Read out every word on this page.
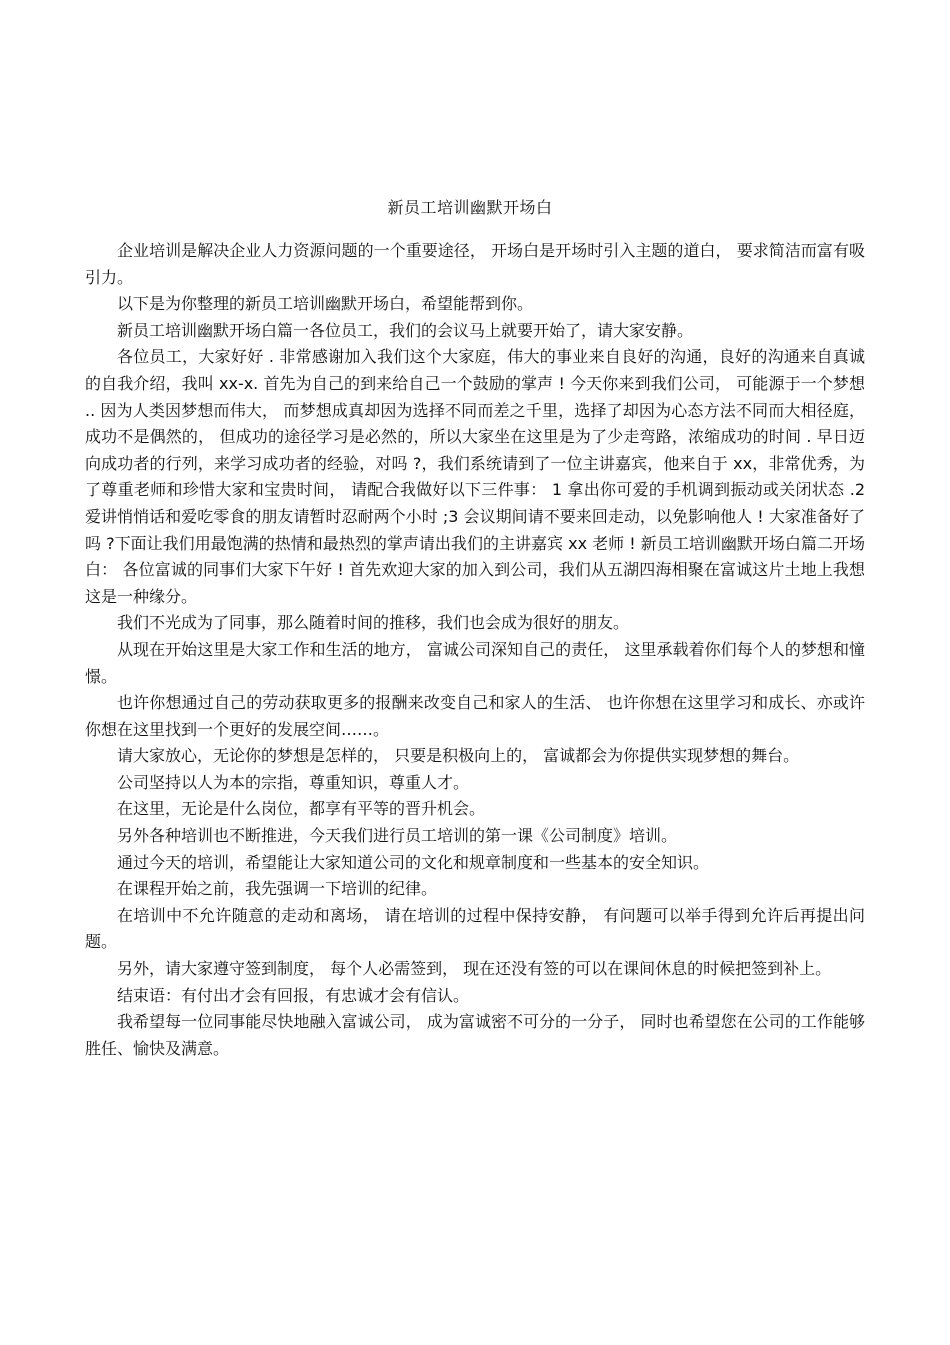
新员工培训幽默开场白

企业培训是解决企业人力资源问题的一个重要途径， 开场白是开场时引入主题的道白， 要求简洁而富有吸引力。

以下是为你整理的新员工培训幽默开场白，希望能帮到你。

新员工培训幽默开场白篇一各位员工，我们的会议马上就要开始了，请大家安静。

各位员工，大家好好 . 非常感谢加入我们这个大家庭，伟大的事业来自良好的沟通，良好的沟通来自真诚的自我介绍，我叫 xx-x. 首先为自己的到来给自己一个鼓励的掌声 ! 今天你来到我们公司， 可能源于一个梦想 .. 因为人类因梦想而伟大， 而梦想成真却因为选择不同而差之千里，选择了却因为心态方法不同而大相径庭， 成功不是偶然的， 但成功的途径学习是必然的，所以大家坐在这里是为了少走弯路，浓缩成功的时间 . 早日迈向成功者的行列，来学习成功者的经验，对吗 ?，我们系统请到了一位主讲嘉宾，他来自于 xx，非常优秀，为了尊重老师和珍惜大家和宝贵时间， 请配合我做好以下三件事： 1 拿出你可爱的手机调到振动或关闭状态 .2 爱讲悄悄话和爱吃零食的朋友请暂时忍耐两个小时 ;3 会议期间请不要来回走动，以免影响他人 ! 大家准备好了吗 ?下面让我们用最饱满的热情和最热烈的掌声请出我们的主讲嘉宾 xx 老师 ! 新员工培训幽默开场白篇二开场白： 各位富诚的同事们大家下午好 ! 首先欢迎大家的加入到公司，我们从五湖四海相聚在富诚这片土地上我想这是一种缘分。

我们不光成为了同事，那么随着时间的推移，我们也会成为很好的朋友。

从现在开始这里是大家工作和生活的地方， 富诚公司深知自己的责任， 这里承载着你们每个人的梦想和憧憬。

也许你想通过自己的劳动获取更多的报酬来改变自己和家人的生活、 也许你想在这里学习和成长、亦或许你想在这里找到一个更好的发展空间……。

请大家放心，无论你的梦想是怎样的， 只要是积极向上的， 富诚都会为你提供实现梦想的舞台。

公司坚持以人为本的宗指，尊重知识，尊重人才。

在这里，无论是什么岗位，都享有平等的晋升机会。

另外各种培训也不断推进，今天我们进行员工培训的第一课《公司制度》培训。

通过今天的培训，希望能让大家知道公司的文化和规章制度和一些基本的安全知识。

在课程开始之前，我先强调一下培训的纪律。

在培训中不允许随意的走动和离场， 请在培训的过程中保持安静， 有问题可以举手得到允许后再提出问题。

另外，请大家遵守签到制度， 每个人必需签到， 现在还没有签的可以在课间休息的时候把签到补上。

结束语：有付出才会有回报，有忠诚才会有信认。

我希望每一位同事能尽快地融入富诚公司， 成为富诚密不可分的一分子， 同时也希望您在公司的工作能够胜任、愉快及满意。
